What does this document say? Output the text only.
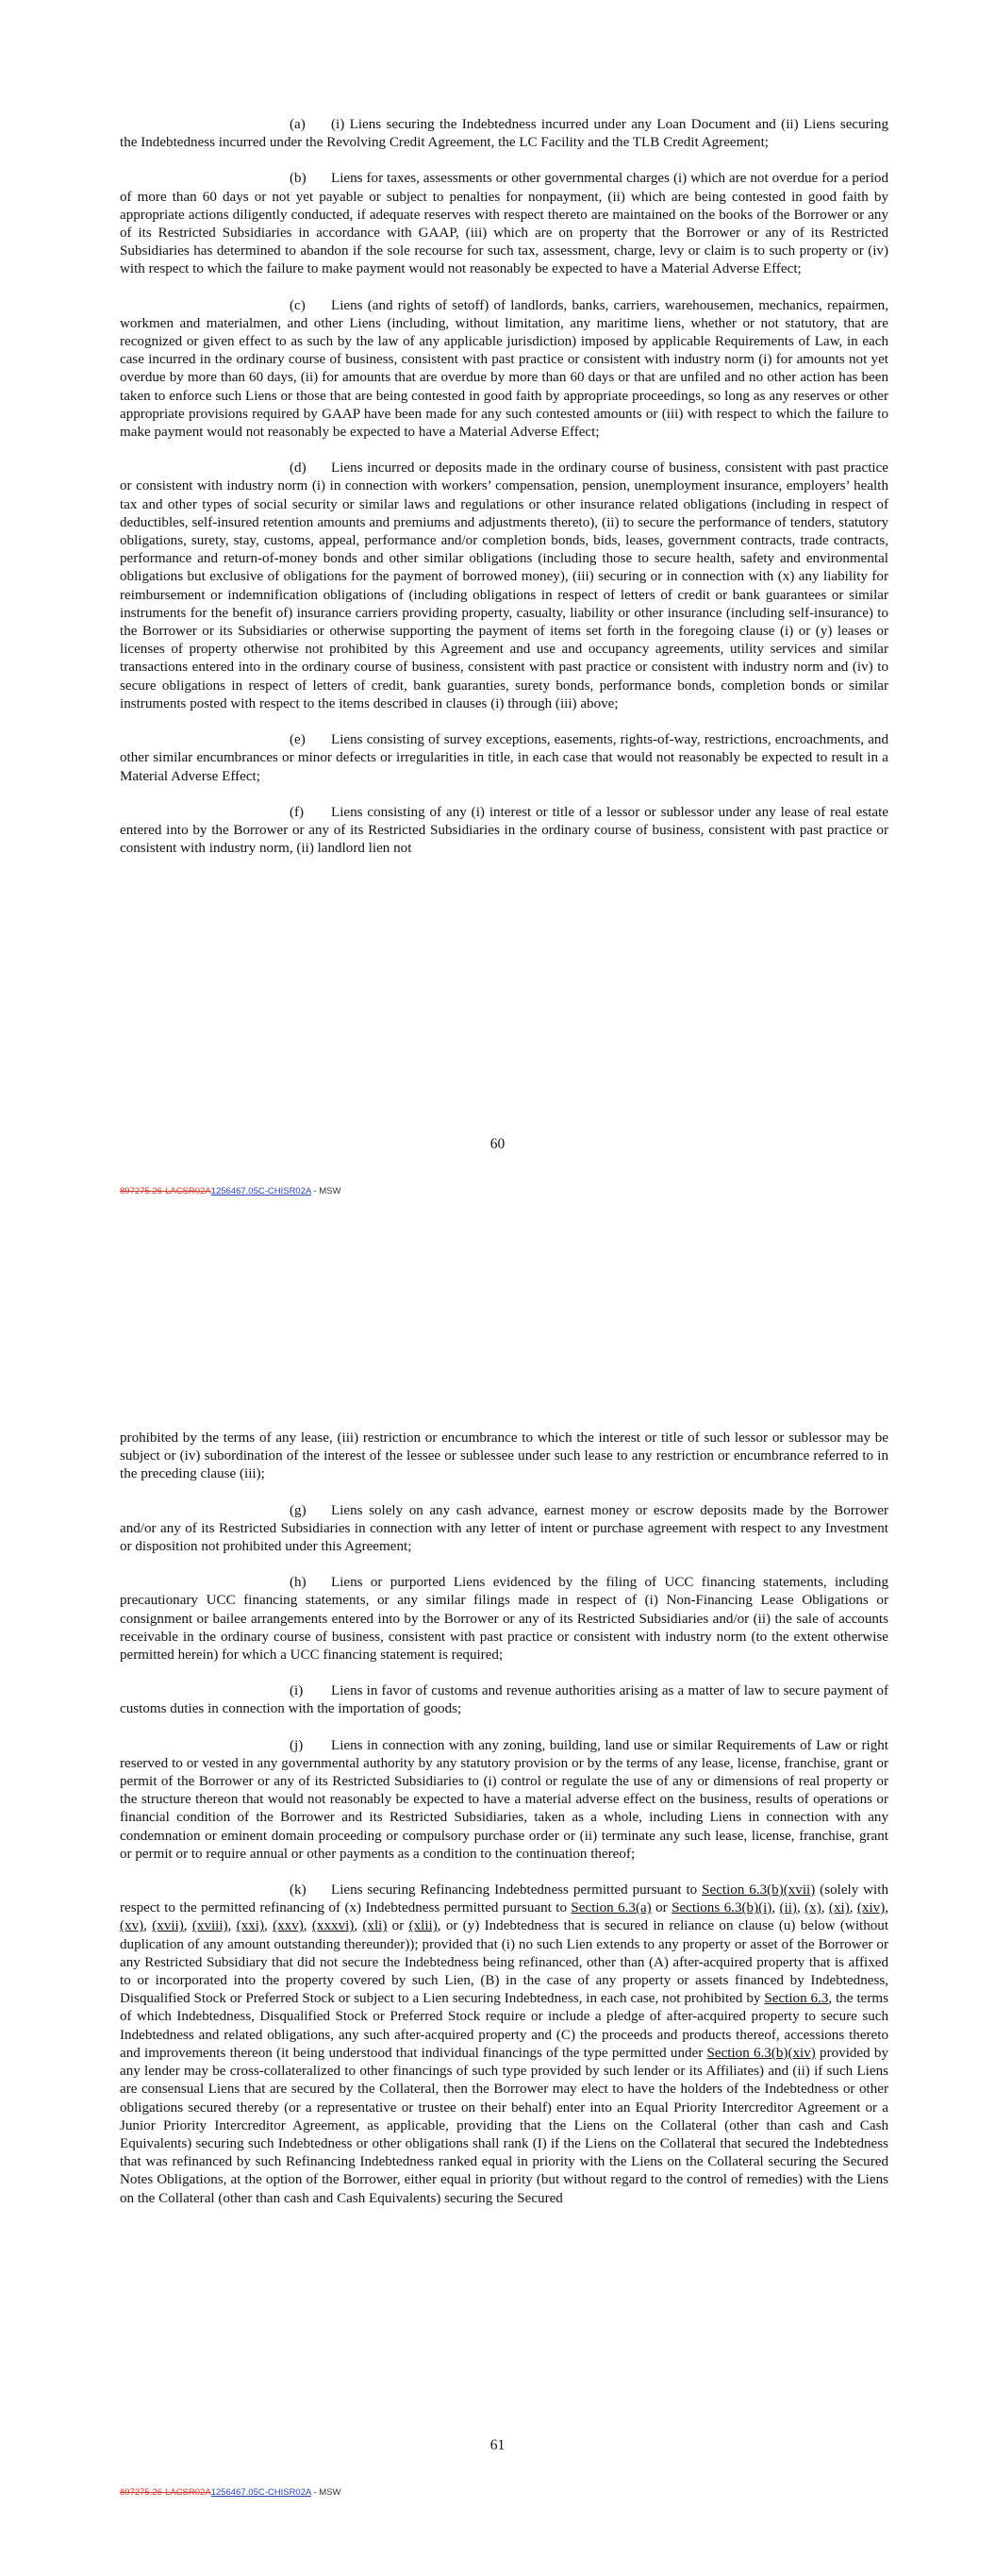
(a) (i) Liens securing the Indebtedness incurred under any Loan Document and (ii) Liens securing the Indebtedness incurred under the Revolving Credit Agreement, the LC Facility and the TLB Credit Agreement;

(b) Liens for taxes, assessments or other governmental charges (i) which are not overdue for a period of more than 60 days or not yet payable or subject to penalties for nonpayment, (ii) which are being contested in good faith by appropriate actions diligently conducted, if adequate reserves with respect thereto are maintained on the books of the Borrower or any of its Restricted Subsidiaries in accordance with GAAP, (iii) which are on property that the Borrower or any of its Restricted Subsidiaries has determined to abandon if the sole recourse for such tax, assessment, charge, levy or claim is to such property or (iv) with respect to which the failure to make payment would not reasonably be expected to have a Material Adverse Effect;

(c) Liens (and rights of setoff) of landlords, banks, carriers, warehousemen, mechanics, repairmen, workmen and materialmen, and other Liens (including, without limitation, any maritime liens, whether or not statutory, that are recognized or given effect to as such by the law of any applicable jurisdiction) imposed by applicable Requirements of Law, in each case incurred in the ordinary course of business, consistent with past practice or consistent with industry norm (i) for amounts not yet overdue by more than 60 days, (ii) for amounts that are overdue by more than 60 days or that are unfiled and no other action has been taken to enforce such Liens or those that are being contested in good faith by appropriate proceedings, so long as any reserves or other appropriate provisions required by GAAP have been made for any such contested amounts or (iii) with respect to which the failure to make payment would not reasonably be expected to have a Material Adverse Effect;

(d) Liens incurred or deposits made in the ordinary course of business, consistent with past practice or consistent with industry norm (i) in connection with workers’ compensation, pension, unemployment insurance, employers’ health tax and other types of social security or similar laws and regulations or other insurance related obligations (including in respect of deductibles, self-insured retention amounts and premiums and adjustments thereto), (ii) to secure the performance of tenders, statutory obligations, surety, stay, customs, appeal, performance and/or completion bonds, bids, leases, government contracts, trade contracts, performance and return-of-money bonds and other similar obligations (including those to secure health, safety and environmental obligations but exclusive of obligations for the payment of borrowed money), (iii) securing or in connection with (x) any liability for reimbursement or indemnification obligations of (including obligations in respect of letters of credit or bank guarantees or similar instruments for the benefit of) insurance carriers providing property, casualty, liability or other insurance (including self-insurance) to the Borrower or its Subsidiaries or otherwise supporting the payment of items set forth in the foregoing clause (i) or (y) leases or licenses of property otherwise not prohibited by this Agreement and use and occupancy agreements, utility services and similar transactions entered into in the ordinary course of business, consistent with past practice or consistent with industry norm and (iv) to secure obligations in respect of letters of credit, bank guaranties, surety bonds, performance bonds, completion bonds or similar instruments posted with respect to the items described in clauses (i) through (iii) above;

(e) Liens consisting of survey exceptions, easements, rights-of-way, restrictions, encroachments, and other similar encumbrances or minor defects or irregularities in title, in each case that would not reasonably be expected to result in a Material Adverse Effect;

(f) Liens consisting of any (i) interest or title of a lessor or sublessor under any lease of real estate entered into by the Borrower or any of its Restricted Subsidiaries in the ordinary course of business, consistent with past practice or consistent with industry norm, (ii) landlord lien not

60
897275.26-LACSR02A1256467.05C-CHISR02A - MSW

prohibited by the terms of any lease, (iii) restriction or encumbrance to which the interest or title of such lessor or sublessor may be subject or (iv) subordination of the interest of the lessee or sublessee under such lease to any restriction or encumbrance referred to in the preceding clause (iii);

(g) Liens solely on any cash advance, earnest money or escrow deposits made by the Borrower and/or any of its Restricted Subsidiaries in connection with any letter of intent or purchase agreement with respect to any Investment or disposition not prohibited under this Agreement;

(h) Liens or purported Liens evidenced by the filing of UCC financing statements, including precautionary UCC financing statements, or any similar filings made in respect of (i) Non-Financing Lease Obligations or consignment or bailee arrangements entered into by the Borrower or any of its Restricted Subsidiaries and/or (ii) the sale of accounts receivable in the ordinary course of business, consistent with past practice or consistent with industry norm (to the extent otherwise permitted herein) for which a UCC financing statement is required;

(i) Liens in favor of customs and revenue authorities arising as a matter of law to secure payment of customs duties in connection with the importation of goods;

(j) Liens in connection with any zoning, building, land use or similar Requirements of Law or right reserved to or vested in any governmental authority by any statutory provision or by the terms of any lease, license, franchise, grant or permit of the Borrower or any of its Restricted Subsidiaries to (i) control or regulate the use of any or dimensions of real property or the structure thereon that would not reasonably be expected to have a material adverse effect on the business, results of operations or financial condition of the Borrower and its Restricted Subsidiaries, taken as a whole, including Liens in connection with any condemnation or eminent domain proceeding or compulsory purchase order or (ii) terminate any such lease, license, franchise, grant or permit or to require annual or other payments as a condition to the continuation thereof;

(k) Liens securing Refinancing Indebtedness permitted pursuant to Section 6.3(b)(xvii) (solely with respect to the permitted refinancing of (x) Indebtedness permitted pursuant to Section 6.3(a) or Sections 6.3(b)(i), (ii), (x), (xi), (xiv), (xv), (xvii), (xviii), (xxi), (xxv), (xxxvi), (xli) or (xlii), or (y) Indebtedness that is secured in reliance on clause (u) below (without duplication of any amount outstanding thereunder)); provided that (i) no such Lien extends to any property or asset of the Borrower or any Restricted Subsidiary that did not secure the Indebtedness being refinanced, other than (A) after-acquired property that is affixed to or incorporated into the property covered by such Lien, (B) in the case of any property or assets financed by Indebtedness, Disqualified Stock or Preferred Stock or subject to a Lien securing Indebtedness, in each case, not prohibited by Section 6.3, the terms of which Indebtedness, Disqualified Stock or Preferred Stock require or include a pledge of after-acquired property to secure such Indebtedness and related obligations, any such after-acquired property and (C) the proceeds and products thereof, accessions thereto and improvements thereon (it being understood that individual financings of the type permitted under Section 6.3(b)(xiv) provided by any lender may be cross-collateralized to other financings of such type provided by such lender or its Affiliates) and (ii) if such Liens are consensual Liens that are secured by the Collateral, then the Borrower may elect to have the holders of the Indebtedness or other obligations secured thereby (or a representative or trustee on their behalf) enter into an Equal Priority Intercreditor Agreement or a Junior Priority Intercreditor Agreement, as applicable, providing that the Liens on the Collateral (other than cash and Cash Equivalents) securing such Indebtedness or other obligations shall rank (I) if the Liens on the Collateral that secured the Indebtedness that was refinanced by such Refinancing Indebtedness ranked equal in priority with the Liens on the Collateral securing the Secured Notes Obligations, at the option of the Borrower, either equal in priority (but without regard to the control of remedies) with the Liens on the Collateral (other than cash and Cash Equivalents) securing the Secured

61
897275.26-LACSR02A1256467.05C-CHISR02A - MSW
